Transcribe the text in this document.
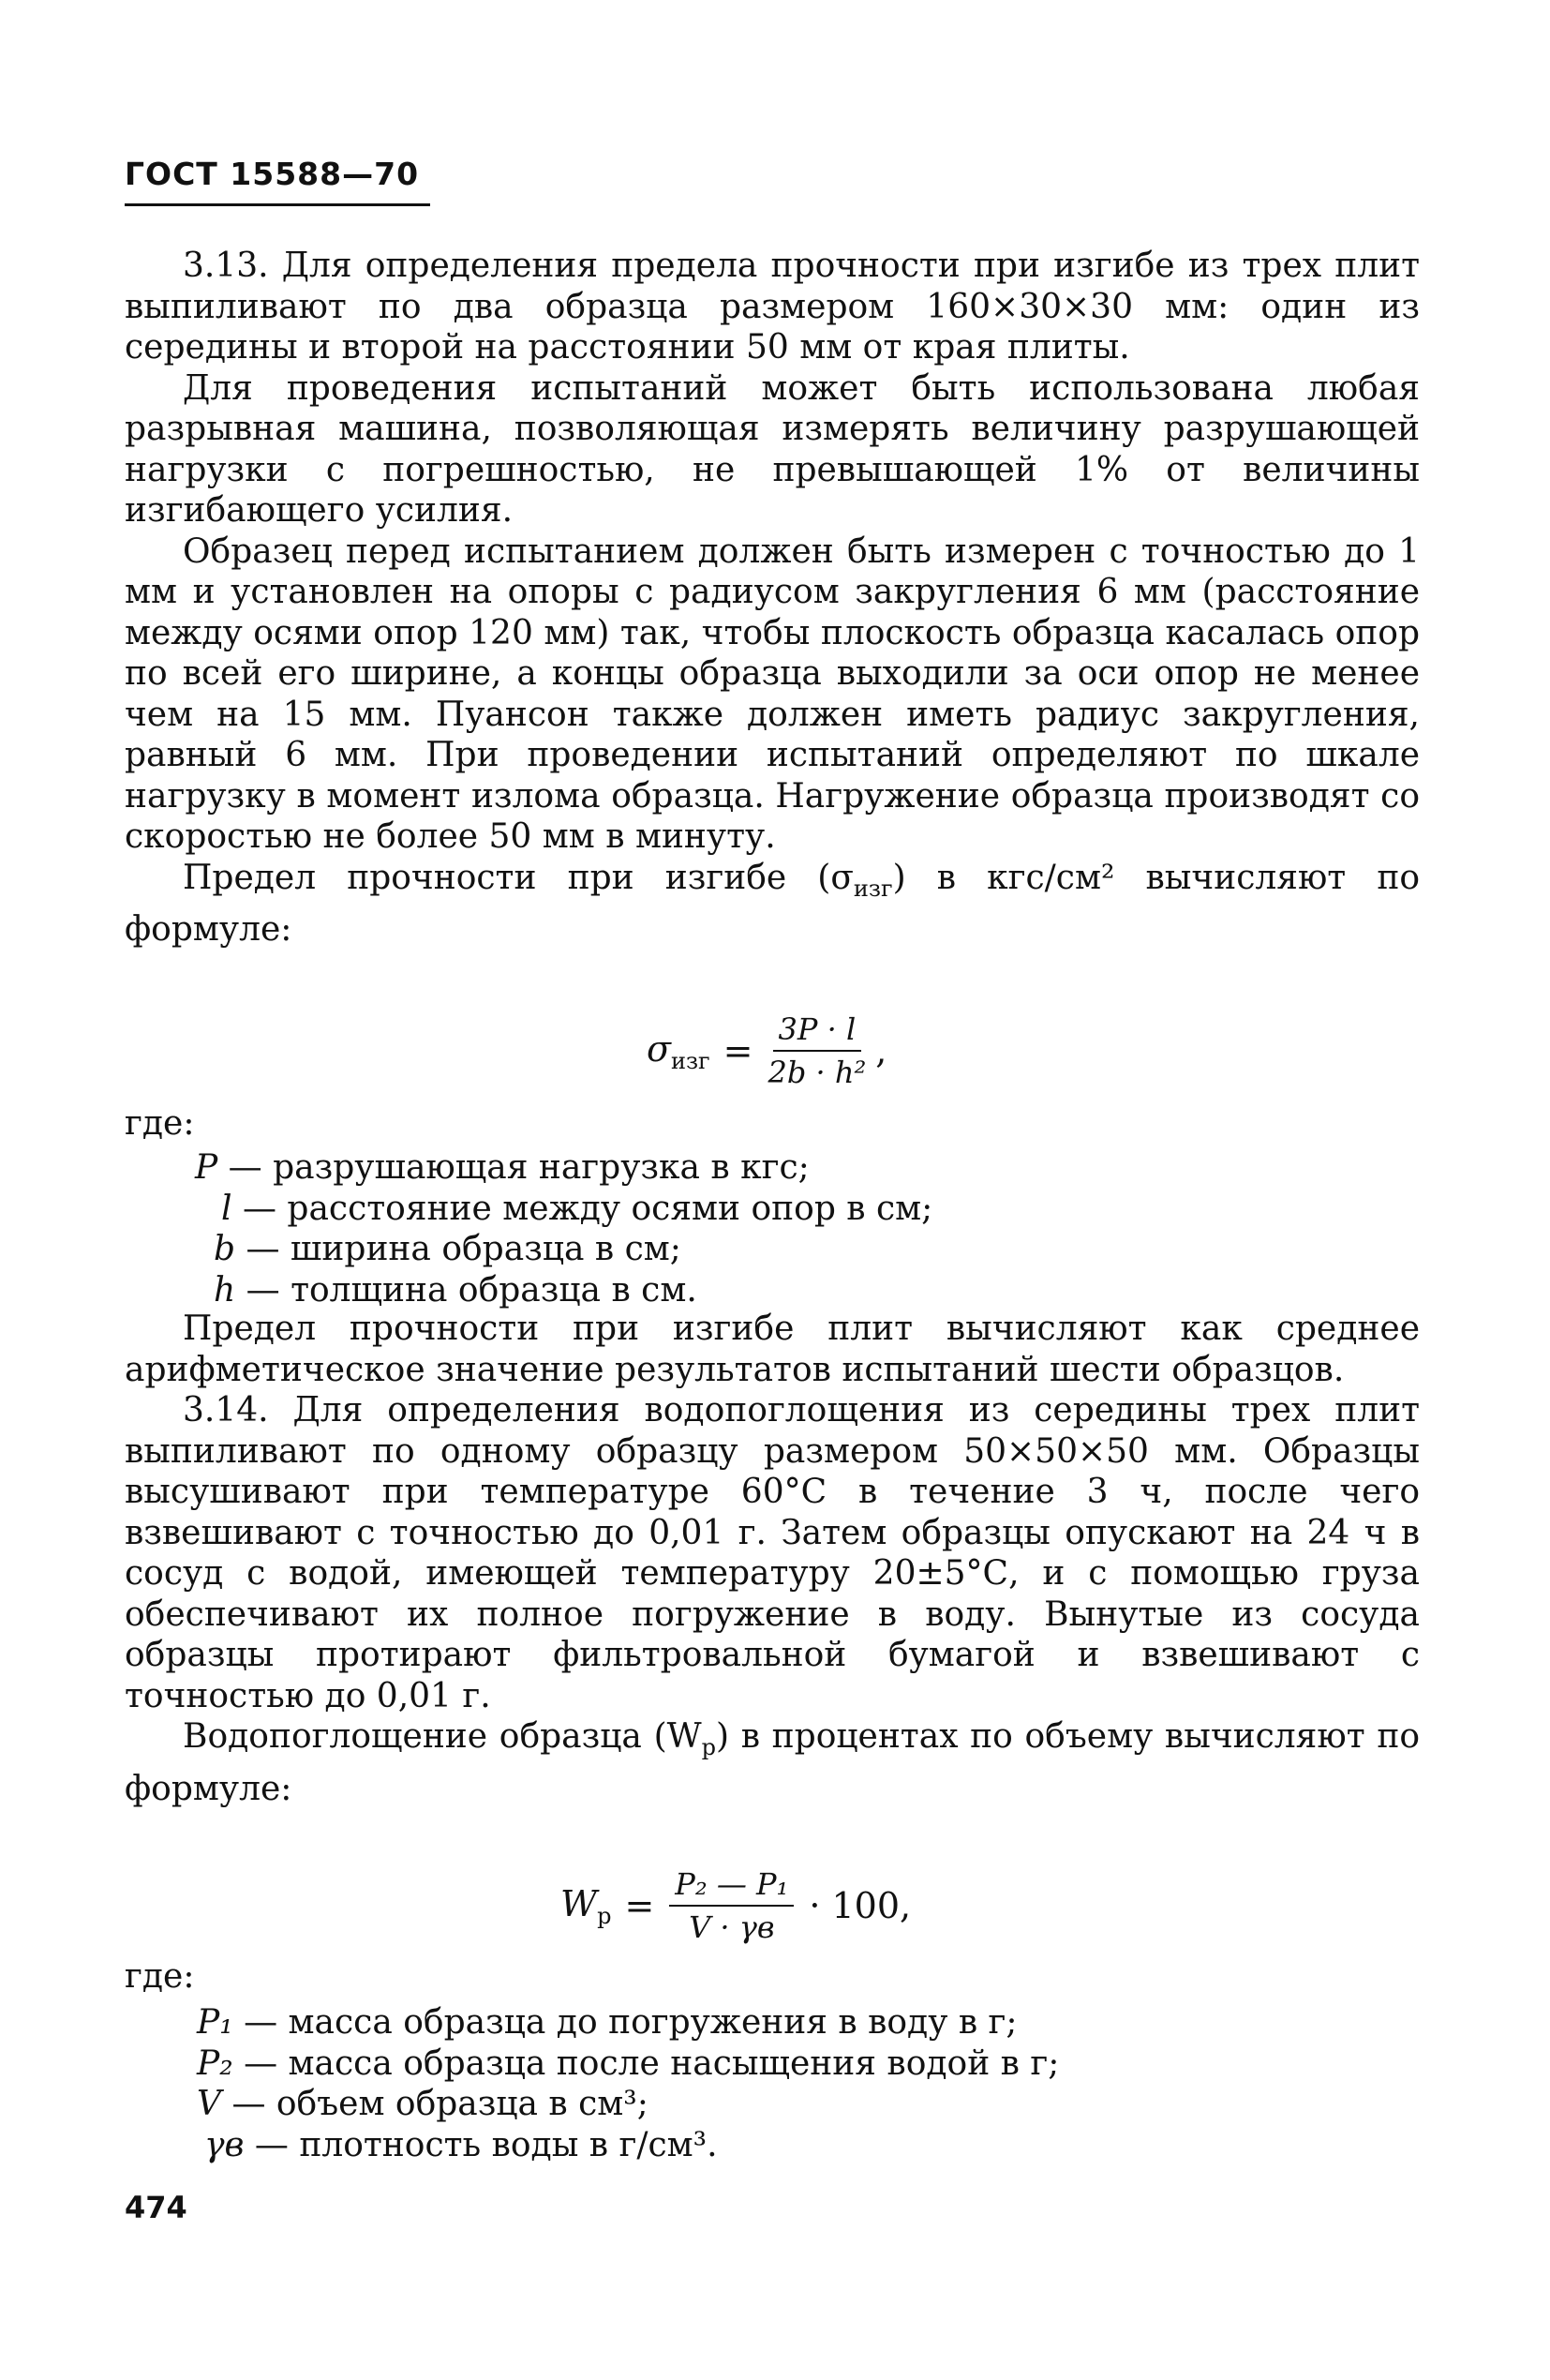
ГОСТ 15588—70

3.13. Для определения предела прочности при изгибе из трех плит выпиливают по два образца размером 160×30×30 мм: один из середины и второй на расстоянии 50 мм от края плиты.

Для проведения испытаний может быть использована любая разрывная машина, позволяющая измерять величину разрушающей нагрузки с погрешностью, не превышающей 1% от величины изгибающего усилия.

Образец перед испытанием должен быть измерен с точностью до 1 мм и установлен на опоры с радиусом закругления 6 мм (расстояние между осями опор 120 мм) так, чтобы плоскость образца касалась опор по всей его ширине, а концы образца выходили за оси опор не менее чем на 15 мм. Пуансон также должен иметь радиус закругления, равный 6 мм. При проведении испытаний определяют по шкале нагрузку в момент излома образца. Нагружение образца производят со скоростью не более 50 мм в минуту.

Предел прочности при изгибе $(\sigma_{изг})$ в кгс/см² вычисляют по формуле:

$\sigma_{изг} = \frac{3P \cdot l}{\text{2b · h²}}$ ,
где:
P — разрушающая нагрузка в кгс;
l — расстояние между осями опор в см;
b — ширина образца в см;
h — толщина образца в см.

Предел прочности при изгибе плит вычисляют как среднее арифметическое значение результатов испытаний шести образцов.

3.14. Для определения водопоглощения из середины трех плит выпиливают по одному образцу размером 50×50×50 мм. Образцы высушивают при температуре 60°С в течение 3 ч, после чего взвешивают с точностью до 0,01 г. Затем образцы опускают на 24 ч в сосуд с водой, имеющей температуру 20±5°С, и с помощью груза обеспечивают их полное погружение в воду. Вынутые из сосуда образцы протирают фильтровальной бумагой и взвешивают с точностью до 0,01 г.

Водопоглощение образца $(W_р)$ в процентах по объему вычисляют по формуле:

$W_р = \frac{\text{P₂ — P₁}}{V \cdot \gamma в} \cdot 100$,
где:
P₁ — масса образца до погружения в воду в г;
P₂ — масса образца после насыщения водой в г;
V — объем образца в см³;
γв — плотность воды в г/см³.
474
